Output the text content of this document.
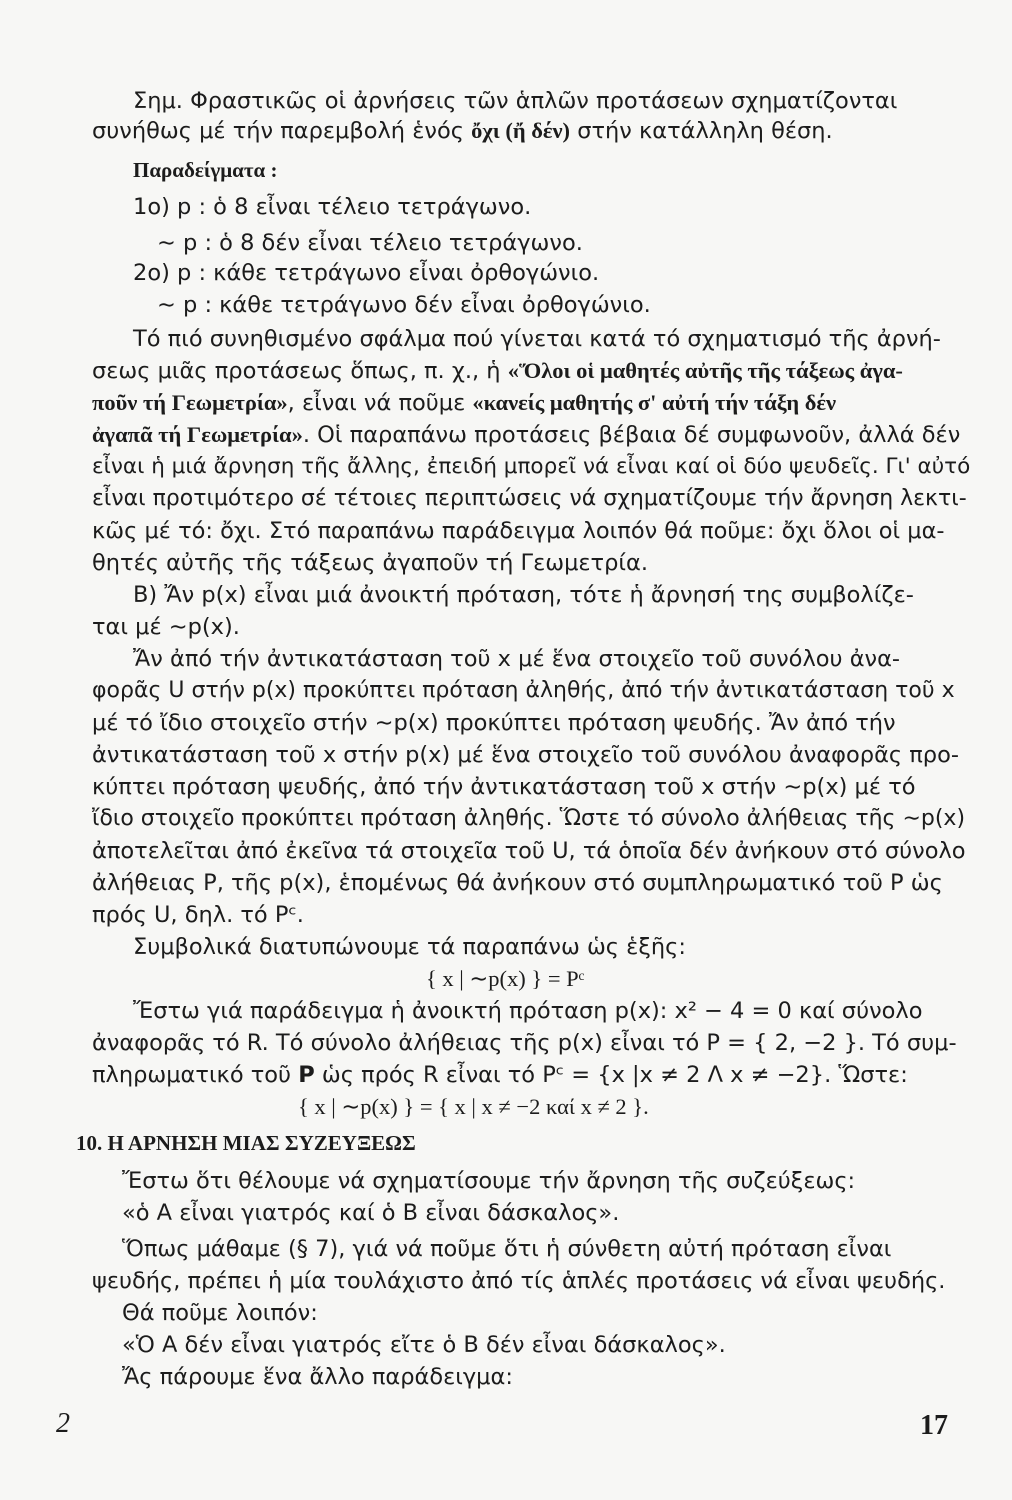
Σημ. Φραστικῶς οἱ ἀρνήσεις τῶν ἁπλῶν προτάσεων σχηματίζονται
συνήθως μέ τήν παρεμβολή ἑνός ὄχι (ἤ δέν) στήν κατάλληλη θέση.
Παραδείγματα :
1ο) p : ὁ 8 εἶναι τέλειο τετράγωνο.
∼ p : ὁ 8 δέν εἶναι τέλειο τετράγωνο.
2ο) p : κάθε τετράγωνο εἶναι ὀρθογώνιο.
∼ p : κάθε τετράγωνο δέν εἶναι ὀρθογώνιο.
Τό πιό συνηθισμένο σφάλμα πού γίνεται κατά τό σχηματισμό τῆς ἀρνή-
σεως μιᾶς προτάσεως ὅπως, π. χ., ἡ «Ὅλοι οἱ μαθητές αὐτῆς τῆς τάξεως ἀγα-
ποῦν τή Γεωμετρία», εἶναι νά ποῦμε «κανείς μαθητής σ' αὐτή τήν τάξη δέν
ἀγαπᾶ τή Γεωμετρία». Οἱ παραπάνω προτάσεις βέβαια δέ συμφωνοῦν, ἀλλά δέν
εἶναι ἡ μιά ἄρνηση τῆς ἄλλης, ἐπειδή μπορεῖ νά εἶναι καί οἱ δύο ψευδεῖς. Γι' αὐτό
εἶναι προτιμότερο σέ τέτοιες περιπτώσεις νά σχηματίζουμε τήν ἄρνηση λεκτι-
κῶς μέ τό: ὄχι. Στό παραπάνω παράδειγμα λοιπόν θά ποῦμε: ὄχι ὅλοι οἱ μα-
θητές αὐτῆς τῆς τάξεως ἀγαποῦν τή Γεωμετρία.
Β) Ἄν p(x) εἶναι μιά ἀνοικτή πρόταση, τότε ἡ ἄρνησή της συμβολίζε-
ται μέ ∼p(x).
Ἄν ἀπό τήν ἀντικατάσταση τοῦ x μέ ἕνα στοιχεῖο τοῦ συνόλου ἀνα-
φορᾶς U στήν p(x) προκύπτει πρόταση ἀληθής, ἀπό τήν ἀντικατάσταση τοῦ x
μέ τό ἴδιο στοιχεῖο στήν ∼p(x) προκύπτει πρόταση ψευδής. Ἄν ἀπό τήν
ἀντικατάσταση τοῦ x στήν p(x) μέ ἕνα στοιχεῖο τοῦ συνόλου ἀναφορᾶς προ-
κύπτει πρόταση ψευδής, ἀπό τήν ἀντικατάσταση τοῦ x στήν ∼p(x) μέ τό
ἴδιο στοιχεῖο προκύπτει πρόταση ἀληθής. Ὥστε τό σύνολο ἀλήθειας τῆς ∼p(x)
ἀποτελεῖται ἀπό ἐκεῖνα τά στοιχεῖα τοῦ U, τά ὁποῖα δέν ἀνήκουν στό σύνολο
ἀλήθειας P, τῆς p(x), ἑπομένως θά ἀνήκουν στό συμπληρωματικό τοῦ P ὡς
πρός U, δηλ. τό Pᶜ.
Συμβολικά διατυπώνουμε τά παραπάνω ὡς ἑξῆς:
{ x | ∼p(x) } = Pᶜ
Ἔστω γιά παράδειγμα ἡ ἀνοικτή πρόταση p(x): x² − 4 = 0 καί σύνολο
ἀναφορᾶς τό R. Τό σύνολο ἀλήθειας τῆς p(x) εἶναι τό P = { 2, −2 }. Τό συμ-
πληρωματικό τοῦ P ὡς πρός R εἶναι τό Pᶜ = {x |x ≠ 2 Λ x ≠ −2}. Ὥστε:
{ x | ∼p(x) } = { x | x ≠ −2 καί x ≠ 2 }.
10. Η ΑΡΝΗΣΗ ΜΙΑΣ ΣΥΖΕΥΞΕΩΣ
Ἔστω ὅτι θέλουμε νά σχηματίσουμε τήν ἄρνηση τῆς συζεύξεως:
«ὁ Α εἶναι γιατρός καί ὁ Β εἶναι δάσκαλος».
Ὅπως μάθαμε (§ 7), γιά νά ποῦμε ὅτι ἡ σύνθετη αὐτή πρόταση εἶναι
ψευδής, πρέπει ἡ μία τουλάχιστο ἀπό τίς ἁπλές προτάσεις νά εἶναι ψευδής.
Θά ποῦμε λοιπόν:
«Ὁ Α δέν εἶναι γιατρός εἴτε ὁ Β δέν εἶναι δάσκαλος».
Ἄς πάρουμε ἕνα ἄλλο παράδειγμα:
2	17
